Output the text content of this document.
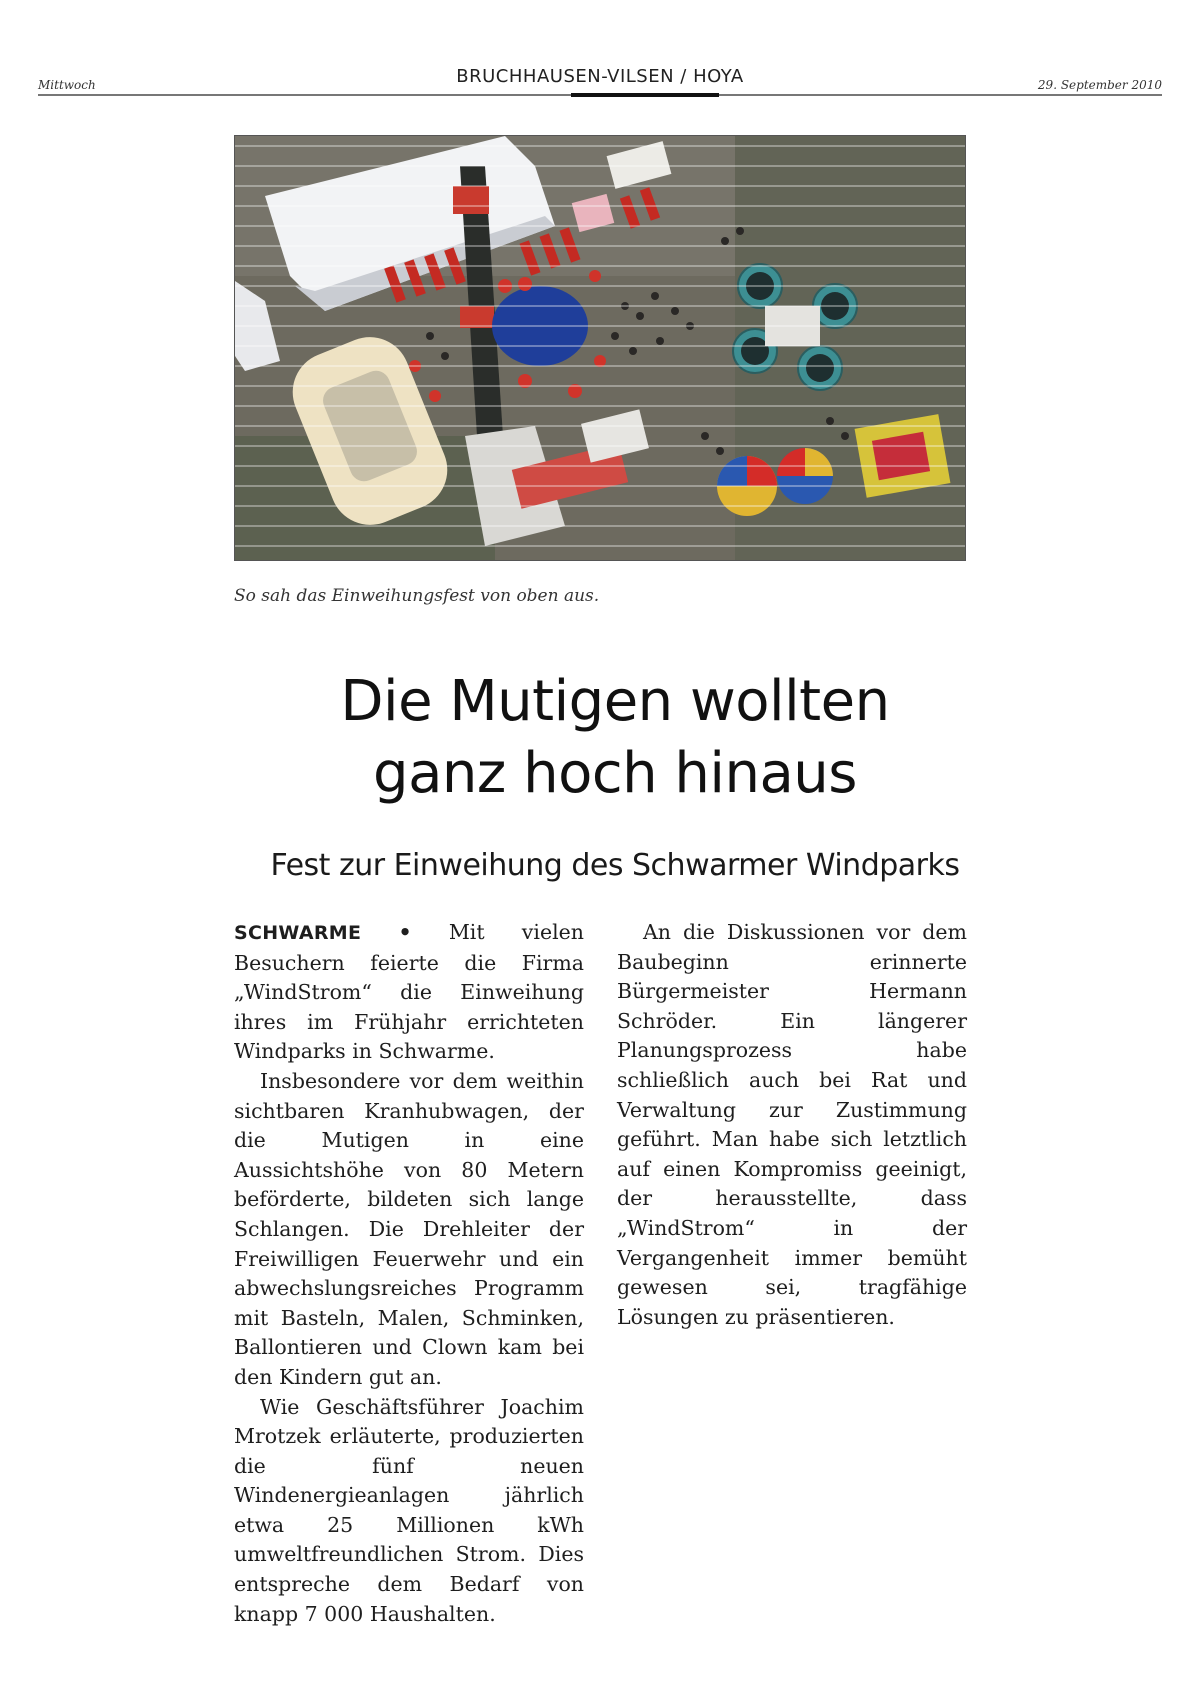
Mittwoch	BRUCHHAUSEN-VILSEN / HOYA	29. September 2010
So sah das Einweihungsfest von oben aus.
Die Mutigen wollten
ganz hoch hinaus
Fest zur Einweihung des Schwarmer Windparks

SCHWARME • Mit vielen Besuchern feierte die Firma „WindStrom“ die Einweihung ihres im Frühjahr errichteten Windparks in Schwarme.

Insbesondere vor dem weithin sichtbaren Kranhubwagen, der die Mutigen in eine Aussichtshöhe von 80 Metern beförderte, bildeten sich lange Schlangen. Die Drehleiter der Freiwilligen Feuerwehr und ein abwechslungsreiches Programm mit Basteln, Malen, Schminken, Ballontieren und Clown kam bei den Kindern gut an.

Wie Geschäftsführer Joachim Mrotzek erläuterte, produzierten die fünf neuen Windenergieanlagen jährlich etwa 25 Millionen kWh umweltfreundlichen Strom. Dies entspreche dem Bedarf von knapp 7 000 Haushalten.

An die Diskussionen vor dem Baubeginn erinnerte Bürgermeister Hermann Schröder. Ein längerer Planungsprozess habe schließlich auch bei Rat und Verwaltung zur Zustimmung geführt. Man habe sich letztlich auf einen Kompromiss geeinigt, der herausstellte, dass „WindStrom“ in der Vergangenheit immer bemüht gewesen sei, tragfähige Lösungen zu präsentieren.
